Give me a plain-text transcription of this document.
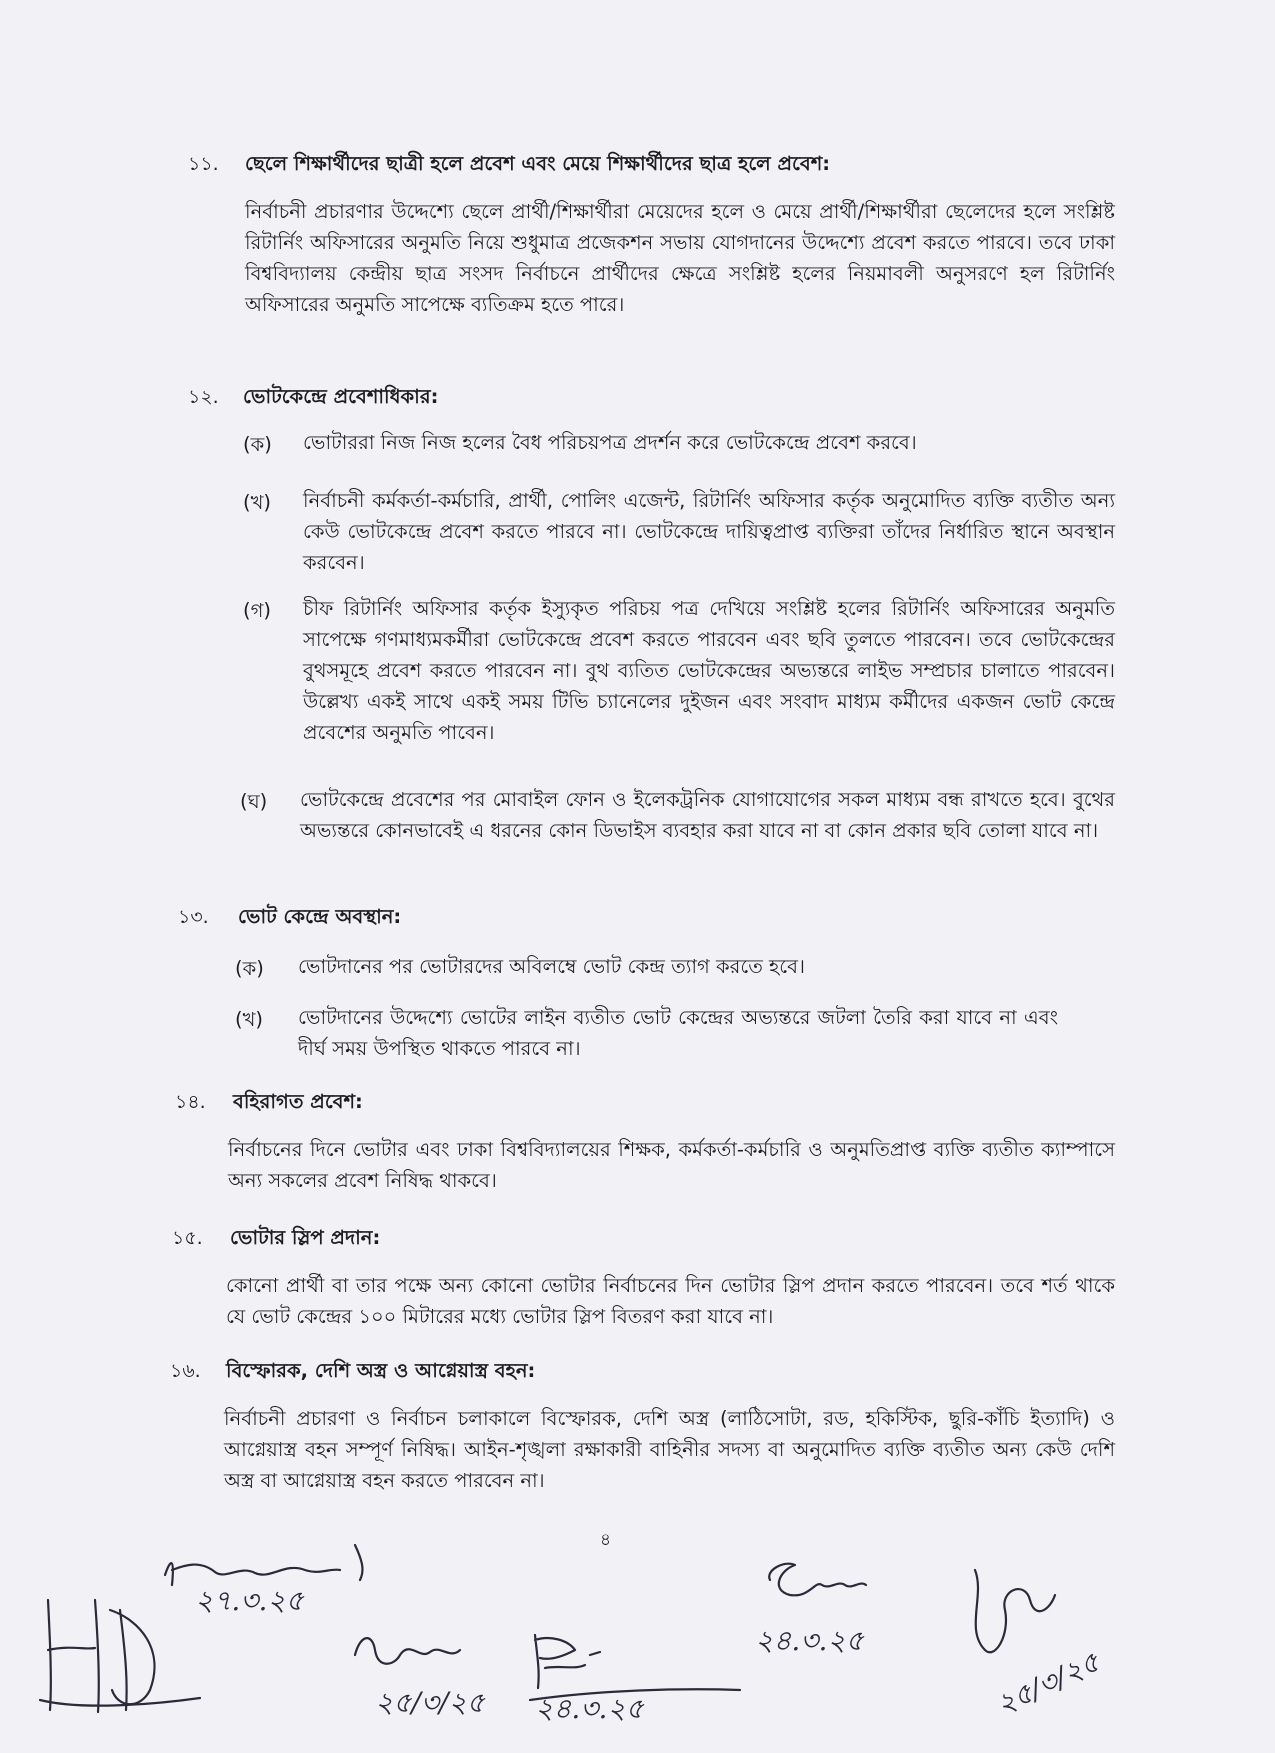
১১. ছেলে শিক্ষার্থীদের ছাত্রী হলে প্রবেশ এবং মেয়ে শিক্ষার্থীদের ছাত্র হলে প্রবেশ:
নির্বাচনী প্রচারণার উদ্দেশ্যে ছেলে প্রার্থী/শিক্ষার্থীরা মেয়েদের হলে ও মেয়ে প্রার্থী/শিক্ষার্থীরা ছেলেদের হলে সংশ্লিষ্ট রিটার্নিং অফিসারের অনুমতি নিয়ে শুধুমাত্র প্রজেকশন সভায় যোগদানের উদ্দেশ্যে প্রবেশ করতে পারবে। তবে ঢাকা বিশ্ববিদ্যালয় কেন্দ্রীয় ছাত্র সংসদ নির্বাচনে প্রার্থীদের ক্ষেত্রে সংশ্লিষ্ট হলের নিয়মাবলী অনুসরণে হল রিটার্নিং অফিসারের অনুমতি সাপেক্ষে ব্যতিক্রম হতে পারে।
১২. ভোটকেন্দ্রে প্রবেশাধিকার:
(ক) ভোটাররা নিজ নিজ হলের বৈধ পরিচয়পত্র প্রদর্শন করে ভোটকেন্দ্রে প্রবেশ করবে।
(খ) নির্বাচনী কর্মকর্তা-কর্মচারি, প্রার্থী, পোলিং এজেন্ট, রিটার্নিং অফিসার কর্তৃক অনুমোদিত ব্যক্তি ব্যতীত অন্য কেউ ভোটকেন্দ্রে প্রবেশ করতে পারবে না। ভোটকেন্দ্রে দায়িত্বপ্রাপ্ত ব্যক্তিরা তাঁদের নির্ধারিত স্থানে অবস্থান করবেন।
(গ) চীফ রিটার্নিং অফিসার কর্তৃক ইস্যুকৃত পরিচয় পত্র দেখিয়ে সংশ্লিষ্ট হলের রিটার্নিং অফিসারের অনুমতি সাপেক্ষে গণমাধ্যমকর্মীরা ভোটকেন্দ্রে প্রবেশ করতে পারবেন এবং ছবি তুলতে পারবেন। তবে ভোটকেন্দ্রের বুথসমূহে প্রবেশ করতে পারবেন না। বুথ ব্যতিত ভোটকেন্দ্রের অভ্যন্তরে লাইভ সম্প্রচার চালাতে পারবেন। উল্লেখ্য একই সাথে একই সময় টিভি চ্যানেলের দুইজন এবং সংবাদ মাধ্যম কর্মীদের একজন ভোট কেন্দ্রে প্রবেশের অনুমতি পাবেন।
(ঘ) ভোটকেন্দ্রে প্রবেশের পর মোবাইল ফোন ও ইলেকট্রনিক যোগাযোগের সকল মাধ্যম বন্ধ রাখতে হবে। বুথের অভ্যন্তরে কোনভাবেই এ ধরনের কোন ডিভাইস ব্যবহার করা যাবে না বা কোন প্রকার ছবি তোলা যাবে না।
১৩. ভোট কেন্দ্রে অবস্থান:
(ক) ভোটদানের পর ভোটারদের অবিলম্বে ভোট কেন্দ্র ত্যাগ করতে হবে।
(খ) ভোটদানের উদ্দেশ্যে ভোটের লাইন ব্যতীত ভোট কেন্দ্রের অভ্যন্তরে জটলা তৈরি করা যাবে না এবং দীর্ঘ সময় উপস্থিত থাকতে পারবে না।
১৪. বহিরাগত প্রবেশ:
নির্বাচনের দিনে ভোটার এবং ঢাকা বিশ্ববিদ্যালয়ের শিক্ষক, কর্মকর্তা-কর্মচারি ও অনুমতিপ্রাপ্ত ব্যক্তি ব্যতীত ক্যাম্পাসে অন্য সকলের প্রবেশ নিষিদ্ধ থাকবে।
১৫. ভোটার স্লিপ প্রদান:
কোনো প্রার্থী বা তার পক্ষে অন্য কোনো ভোটার নির্বাচনের দিন ভোটার স্লিপ প্রদান করতে পারবেন। তবে শর্ত থাকে যে ভোট কেন্দ্রের ১০০ মিটারের মধ্যে ভোটার স্লিপ বিতরণ করা যাবে না।
১৬. বিস্ফোরক, দেশি অস্ত্র ও আগ্নেয়াস্ত্র বহন:
নির্বাচনী প্রচারণা ও নির্বাচন চলাকালে বিস্ফোরক, দেশি অস্ত্র (লাঠিসোটা, রড, হকিস্টিক, ছুরি-কাঁচি ইত্যাদি) ও আগ্নেয়াস্ত্র বহন সম্পূর্ণ নিষিদ্ধ। আইন-শৃঙ্খলা রক্ষাকারী বাহিনীর সদস্য বা অনুমোদিত ব্যক্তি ব্যতীত অন্য কেউ দেশি অস্ত্র বা আগ্নেয়াস্ত্র বহন করতে পারবেন না।
৪
২৭.৩.২৫
২৫/৩/২৫ ২৪.৩.২৫
২৪.৩.২৫
২৫/৩/২৫
